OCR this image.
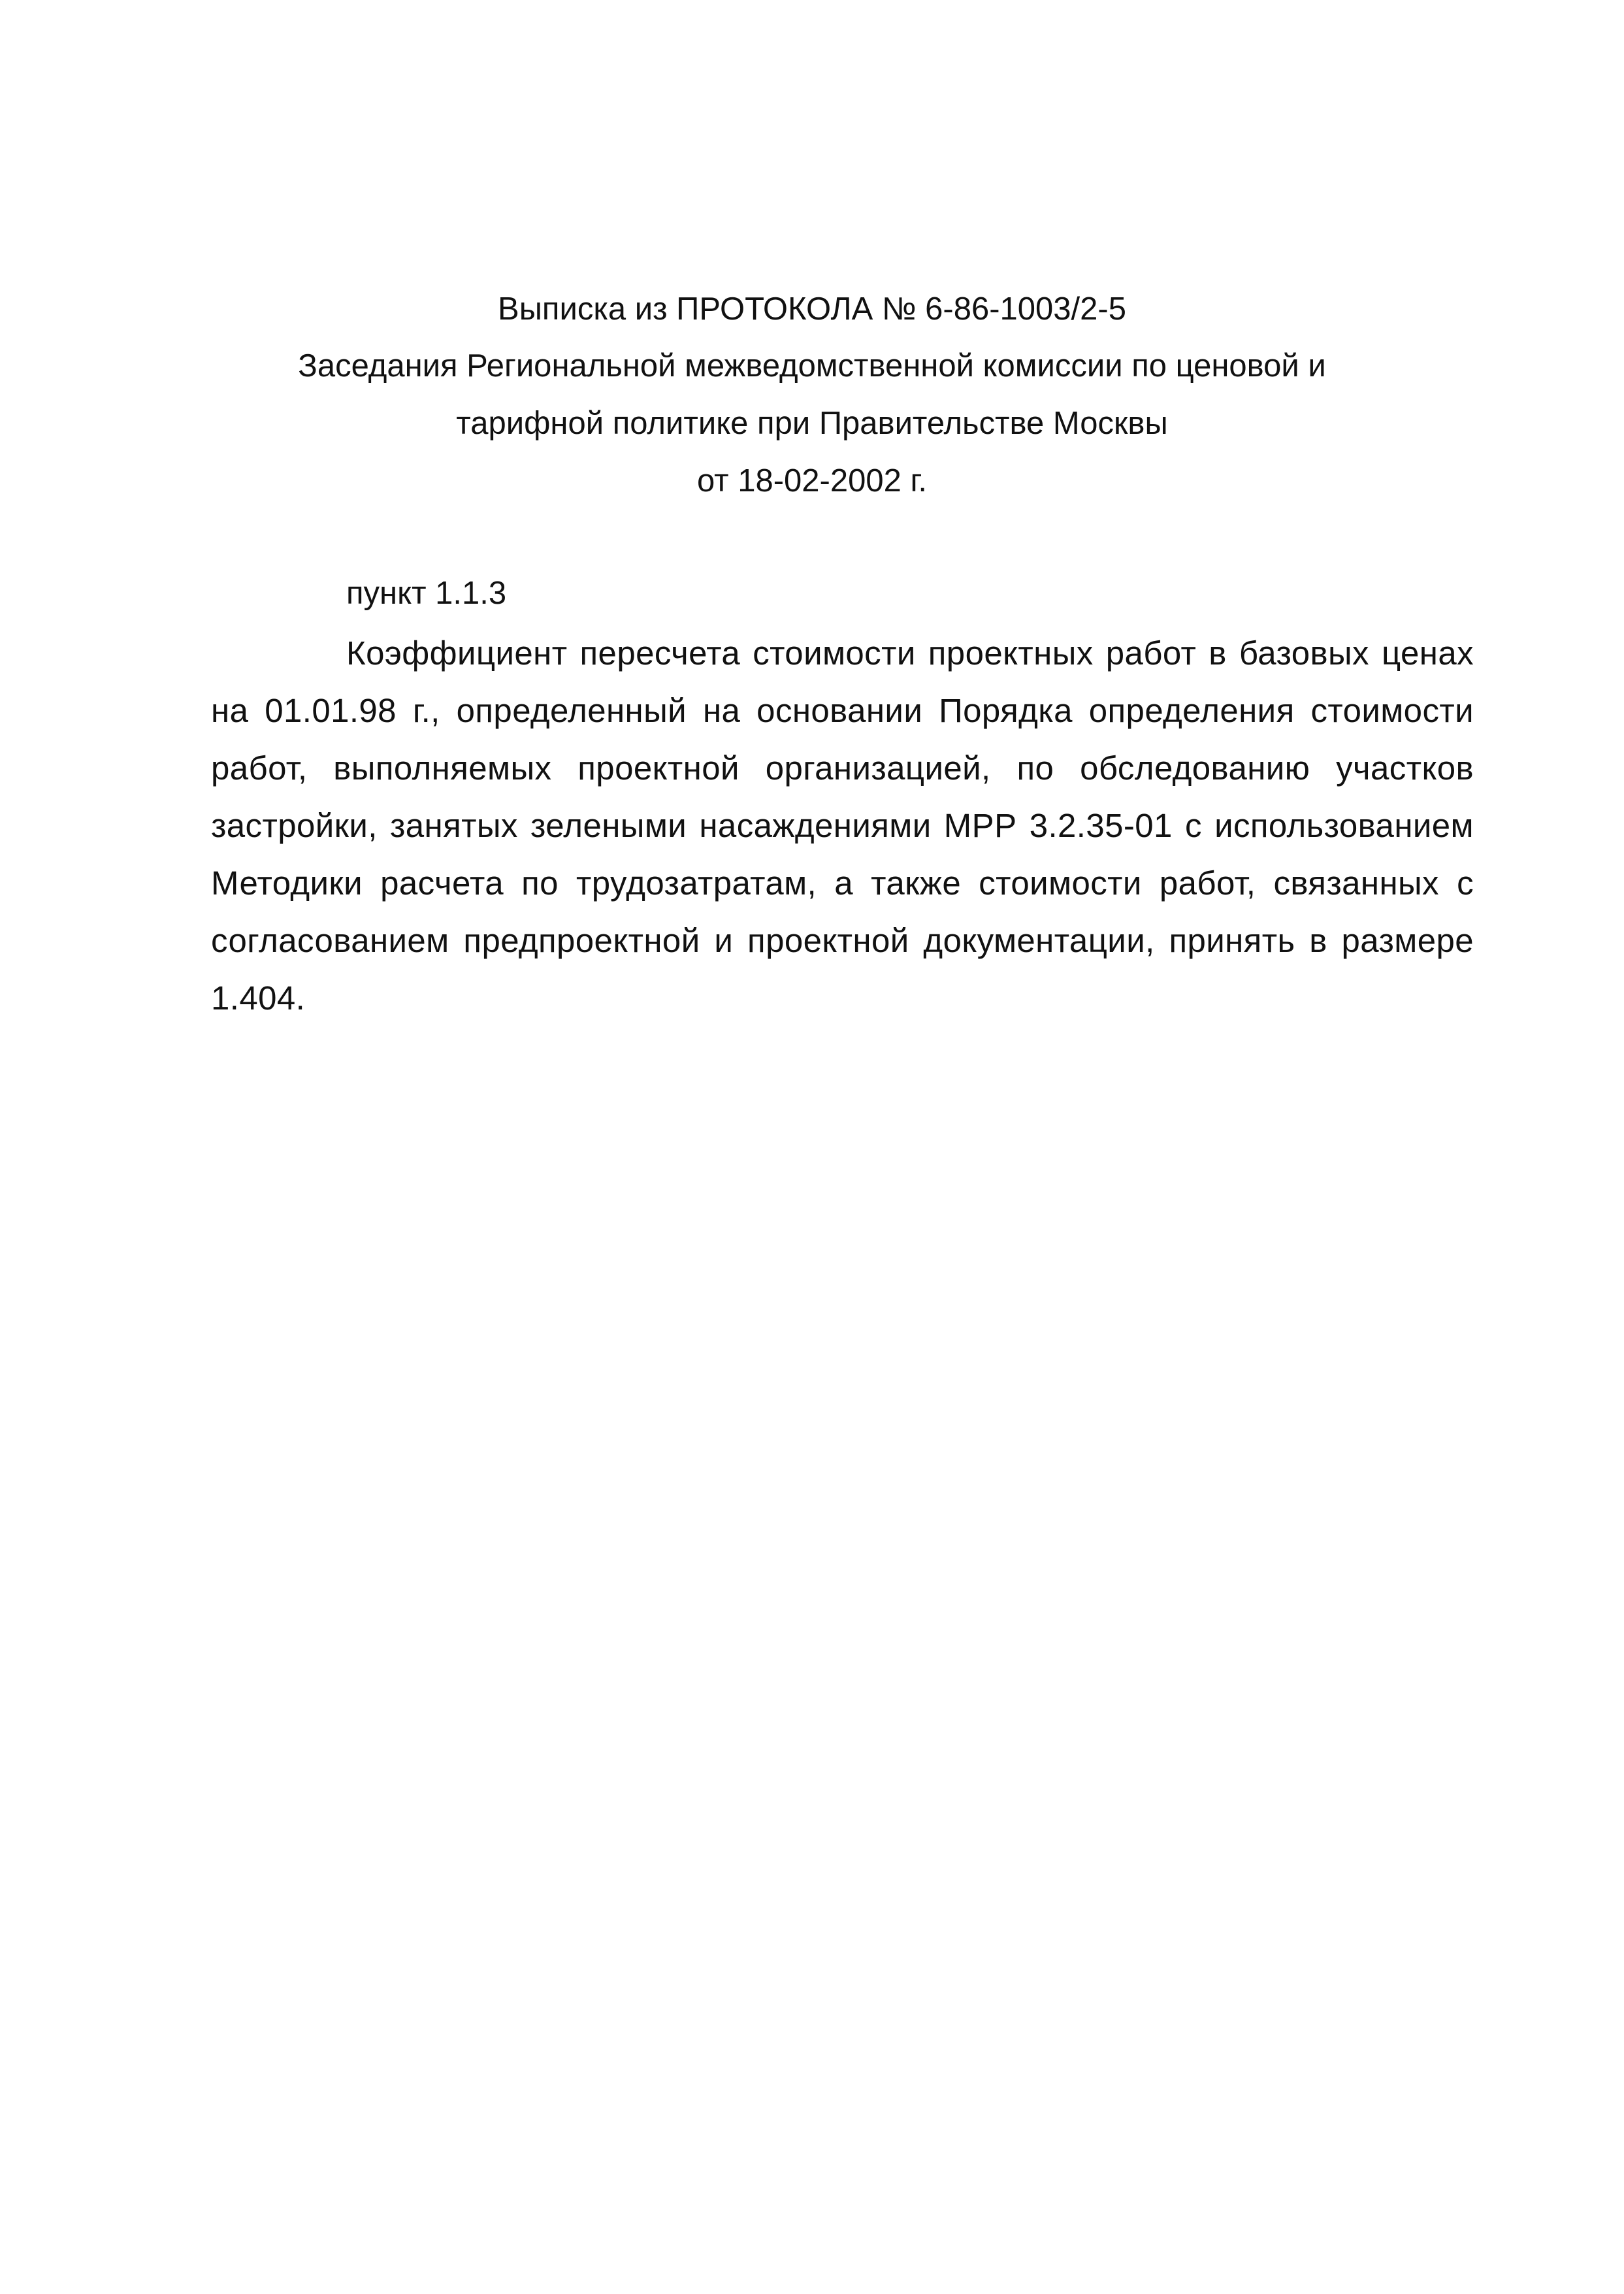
Выписка из ПРОТОКОЛА № 6-86-1003/2-5
Заседания Региональной межведомственной комиссии по ценовой и
тарифной политике при Правительстве Москвы
от 18-02-2002 г.
пункт 1.1.3
Коэффициент пересчета стоимости проектных работ в базовых ценах на 01.01.98 г., определенный на основании Порядка определения стоимости работ, выполняемых проектной организацией, по обследованию участков застройки, занятых зелеными насаждениями МРР 3.2.35-01 с использованием Методики расчета по трудозатратам, а также стоимости работ, связанных с согласованием предпроектной и проектной документации, принять в размере 1.404.
